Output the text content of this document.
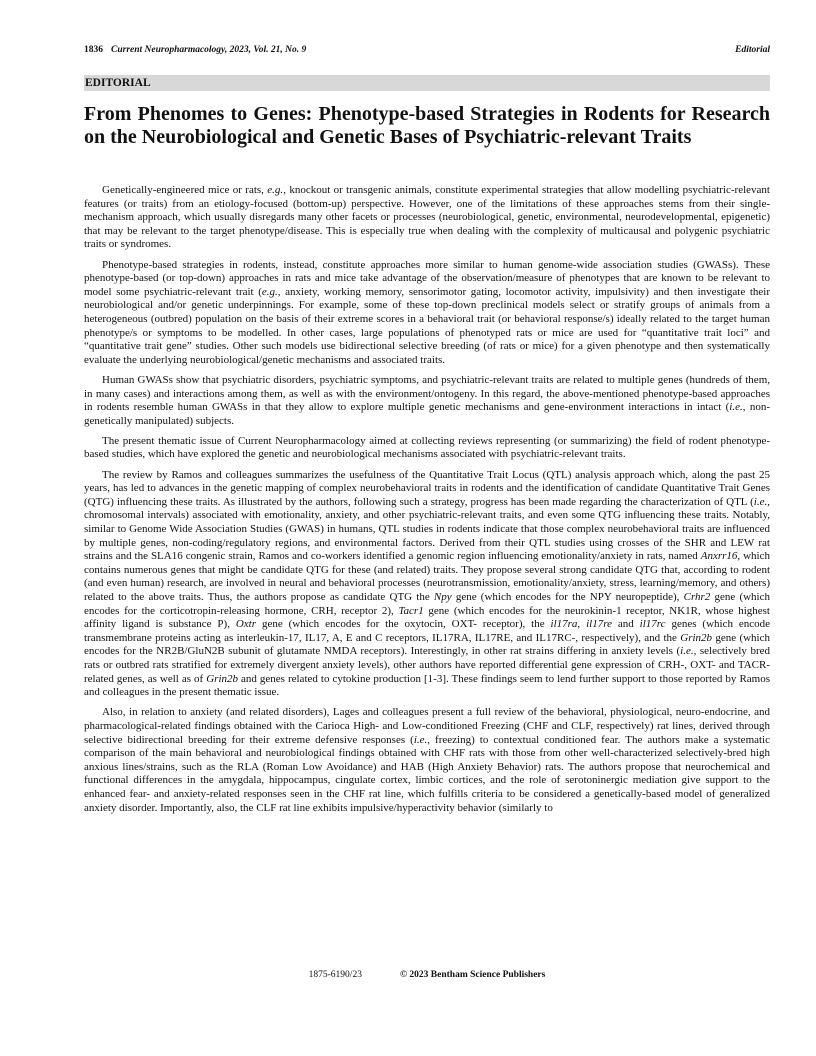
1836 Current Neuropharmacology, 2023, Vol. 21, No. 9	Editorial
EDITORIAL
From Phenomes to Genes: Phenotype-based Strategies in Rodents for Research on the Neurobiological and Genetic Bases of Psychiatric-relevant Traits

Genetically-engineered mice or rats, e.g., knockout or transgenic animals, constitute experimental strategies that allow modelling psychiatric-relevant features (or traits) from an etiology-focused (bottom-up) perspective. However, one of the limitations of these approaches stems from their single-mechanism approach, which usually disregards many other facets or processes (neurobiological, genetic, environmental, neurodevelopmental, epigenetic) that may be relevant to the target phenotype/disease. This is especially true when dealing with the complexity of multicausal and polygenic psychiatric traits or syndromes.

Phenotype-based strategies in rodents, instead, constitute approaches more similar to human genome-wide association studies (GWASs). These phenotype-based (or top-down) approaches in rats and mice take advantage of the observation/measure of phenotypes that are known to be relevant to model some psychiatric-relevant trait (e.g., anxiety, working memory, sensorimotor gating, locomotor activity, impulsivity) and then investigate their neurobiological and/or genetic underpinnings. For example, some of these top-down preclinical models select or stratify groups of animals from a heterogeneous (outbred) population on the basis of their extreme scores in a behavioral trait (or behavioral response/s) ideally related to the target human phenotype/s or symptoms to be modelled. In other cases, large populations of phenotyped rats or mice are used for “quantitative trait loci” and “quantitative trait gene” studies. Other such models use bidirectional selective breeding (of rats or mice) for a given phenotype and then systematically evaluate the underlying neurobiological/genetic mechanisms and associated traits.

Human GWASs show that psychiatric disorders, psychiatric symptoms, and psychiatric-relevant traits are related to multiple genes (hundreds of them, in many cases) and interactions among them, as well as with the environment/ontogeny. In this regard, the above-mentioned phenotype-based approaches in rodents resemble human GWASs in that they allow to explore multiple genetic mechanisms and gene-environment interactions in intact (i.e., non-genetically manipulated) subjects.

The present thematic issue of Current Neuropharmacology aimed at collecting reviews representing (or summarizing) the field of rodent phenotype-based studies, which have explored the genetic and neurobiological mechanisms associated with psychiatric-relevant traits.

The review by Ramos and colleagues summarizes the usefulness of the Quantitative Trait Locus (QTL) analysis approach which, along the past 25 years, has led to advances in the genetic mapping of complex neurobehavioral traits in rodents and the identification of candidate Quantitative Trait Genes (QTG) influencing these traits. As illustrated by the authors, following such a strategy, progress has been made regarding the characterization of QTL (i.e., chromosomal intervals) associated with emotionality, anxiety, and other psychiatric-relevant traits, and even some QTG influencing these traits. Notably, similar to Genome Wide Association Studies (GWAS) in humans, QTL studies in rodents indicate that those complex neurobehavioral traits are influenced by multiple genes, non-coding/regulatory regions, and environmental factors. Derived from their QTL studies using crosses of the SHR and LEW rat strains and the SLA16 congenic strain, Ramos and co-workers identified a genomic region influencing emotionality/anxiety in rats, named Anxrr16, which contains numerous genes that might be candidate QTG for these (and related) traits. They propose several strong candidate QTG that, according to rodent (and even human) research, are involved in neural and behavioral processes (neurotransmission, emotionality/anxiety, stress, learning/memory, and others) related to the above traits. Thus, the authors propose as candidate QTG the Npy gene (which encodes for the NPY neuropeptide), Crhr2 gene (which encodes for the corticotropin-releasing hormone, CRH, receptor 2), Tacr1 gene (which encodes for the neurokinin-1 receptor, NK1R, whose highest affinity ligand is substance P), Oxtr gene (which encodes for the oxytocin, OXT- receptor), the il17ra, il17re and il17rc genes (which encode transmembrane proteins acting as interleukin-17, IL17, A, E and C receptors, IL17RA, IL17RE, and IL17RC-, respectively), and the Grin2b gene (which encodes for the NR2B/GluN2B subunit of glutamate NMDA receptors). Interestingly, in other rat strains differing in anxiety levels (i.e., selectively bred rats or outbred rats stratified for extremely divergent anxiety levels), other authors have reported differential gene expression of CRH-, OXT- and TACR-related genes, as well as of Grin2b and genes related to cytokine production [1-3]. These findings seem to lend further support to those reported by Ramos and colleagues in the present thematic issue.

Also, in relation to anxiety (and related disorders), Lages and colleagues present a full review of the behavioral, physiological, neuro-endocrine, and pharmacological-related findings obtained with the Carioca High- and Low-conditioned Freezing (CHF and CLF, respectively) rat lines, derived through selective bidirectional breeding for their extreme defensive responses (i.e., freezing) to contextual conditioned fear. The authors make a systematic comparison of the main behavioral and neurobiological findings obtained with CHF rats with those from other well-characterized selectively-bred high anxious lines/strains, such as the RLA (Roman Low Avoidance) and HAB (High Anxiety Behavior) rats. The authors propose that neurochemical and functional differences in the amygdala, hippocampus, cingulate cortex, limbic cortices, and the role of serotoninergic mediation give support to the enhanced fear- and anxiety-related responses seen in the CHF rat line, which fulfills criteria to be considered a genetically-based model of generalized anxiety disorder. Importantly, also, the CLF rat line exhibits impulsive/hyperactivity behavior (similarly to

1875-6190/23	© 2023 Bentham Science Publishers
